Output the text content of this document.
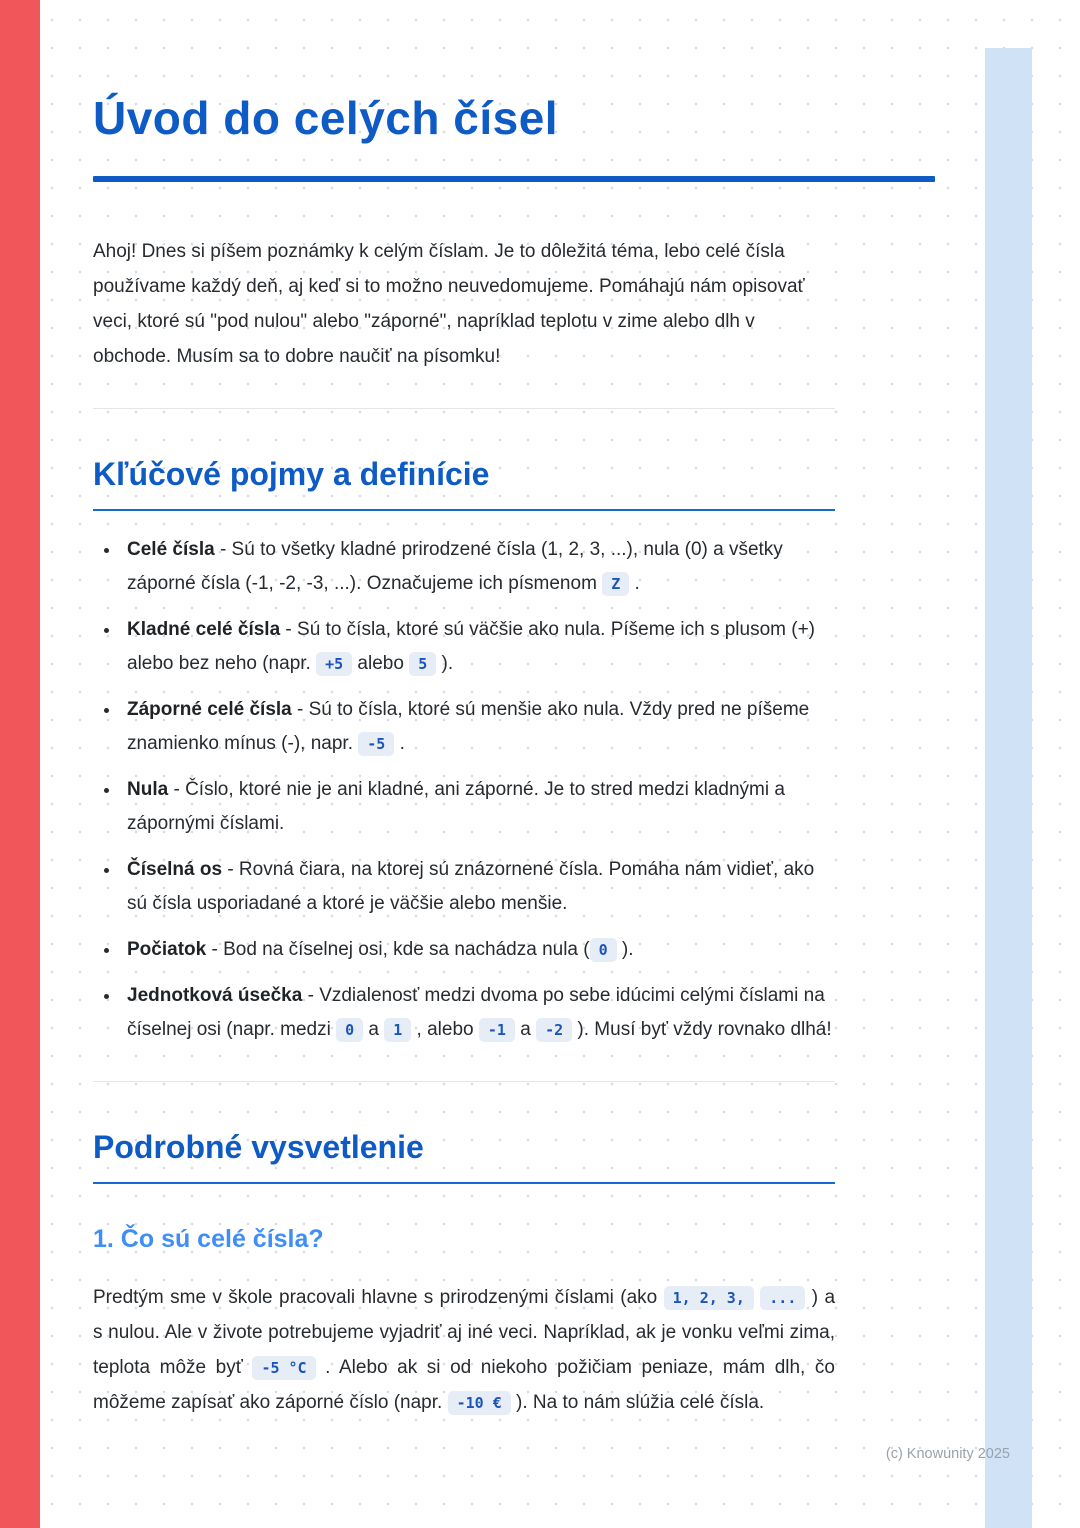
Úvod do celých čísel

Ahoj! Dnes si píšem poznámky k celým číslam. Je to dôležitá téma, lebo celé čísla používame každý deň, aj keď si to možno neuvedomujeme. Pomáhajú nám opisovať veci, ktoré sú "pod nulou" alebo "záporné", napríklad teplotu v zime alebo dlh v obchode. Musím sa to dobre naučiť na písomku!

Kľúčové pojmy a definície
• Celé čísla - Sú to všetky kladné prirodzené čísla (1, 2, 3, ...), nula (0) a všetky záporné čísla (-1, -2, -3, ...). Označujeme ich písmenom Z .
• Kladné celé čísla - Sú to čísla, ktoré sú väčšie ako nula. Píšeme ich s plusom (+) alebo bez neho (napr. +5 alebo 5 ).
• Záporné celé čísla - Sú to čísla, ktoré sú menšie ako nula. Vždy pred ne píšeme znamienko mínus (-), napr. -5 .
• Nula - Číslo, ktoré nie je ani kladné, ani záporné. Je to stred medzi kladnými a zápornými číslami.
• Číselná os - Rovná čiara, na ktorej sú znázornené čísla. Pomáha nám vidieť, ako sú čísla usporiadané a ktoré je väčšie alebo menšie.
• Počiatok - Bod na číselnej osi, kde sa nachádza nula ( 0 ).
• Jednotková úsečka - Vzdialenosť medzi dvoma po sebe idúcimi celými číslami na číselnej osi (napr. medzi 0 a 1 , alebo -1 a -2 ). Musí byť vždy rovnako dlhá!
Podrobné vysvetlenie
1. Čo sú celé čísla?

Predtým sme v škole pracovali hlavne s prirodzenými číslami (ako 1, 2, 3, ... ) a s nulou. Ale v živote potrebujeme vyjadriť aj iné veci. Napríklad, ak je vonku veľmi zima, teplota môže byť -5 °C . Alebo ak si od niekoho požičiam peniaze, mám dlh, čo môžeme zapísať ako záporné číslo (napr. -10 € ). Na to nám slúžia celé čísla.

(c) Knowunity 2025
